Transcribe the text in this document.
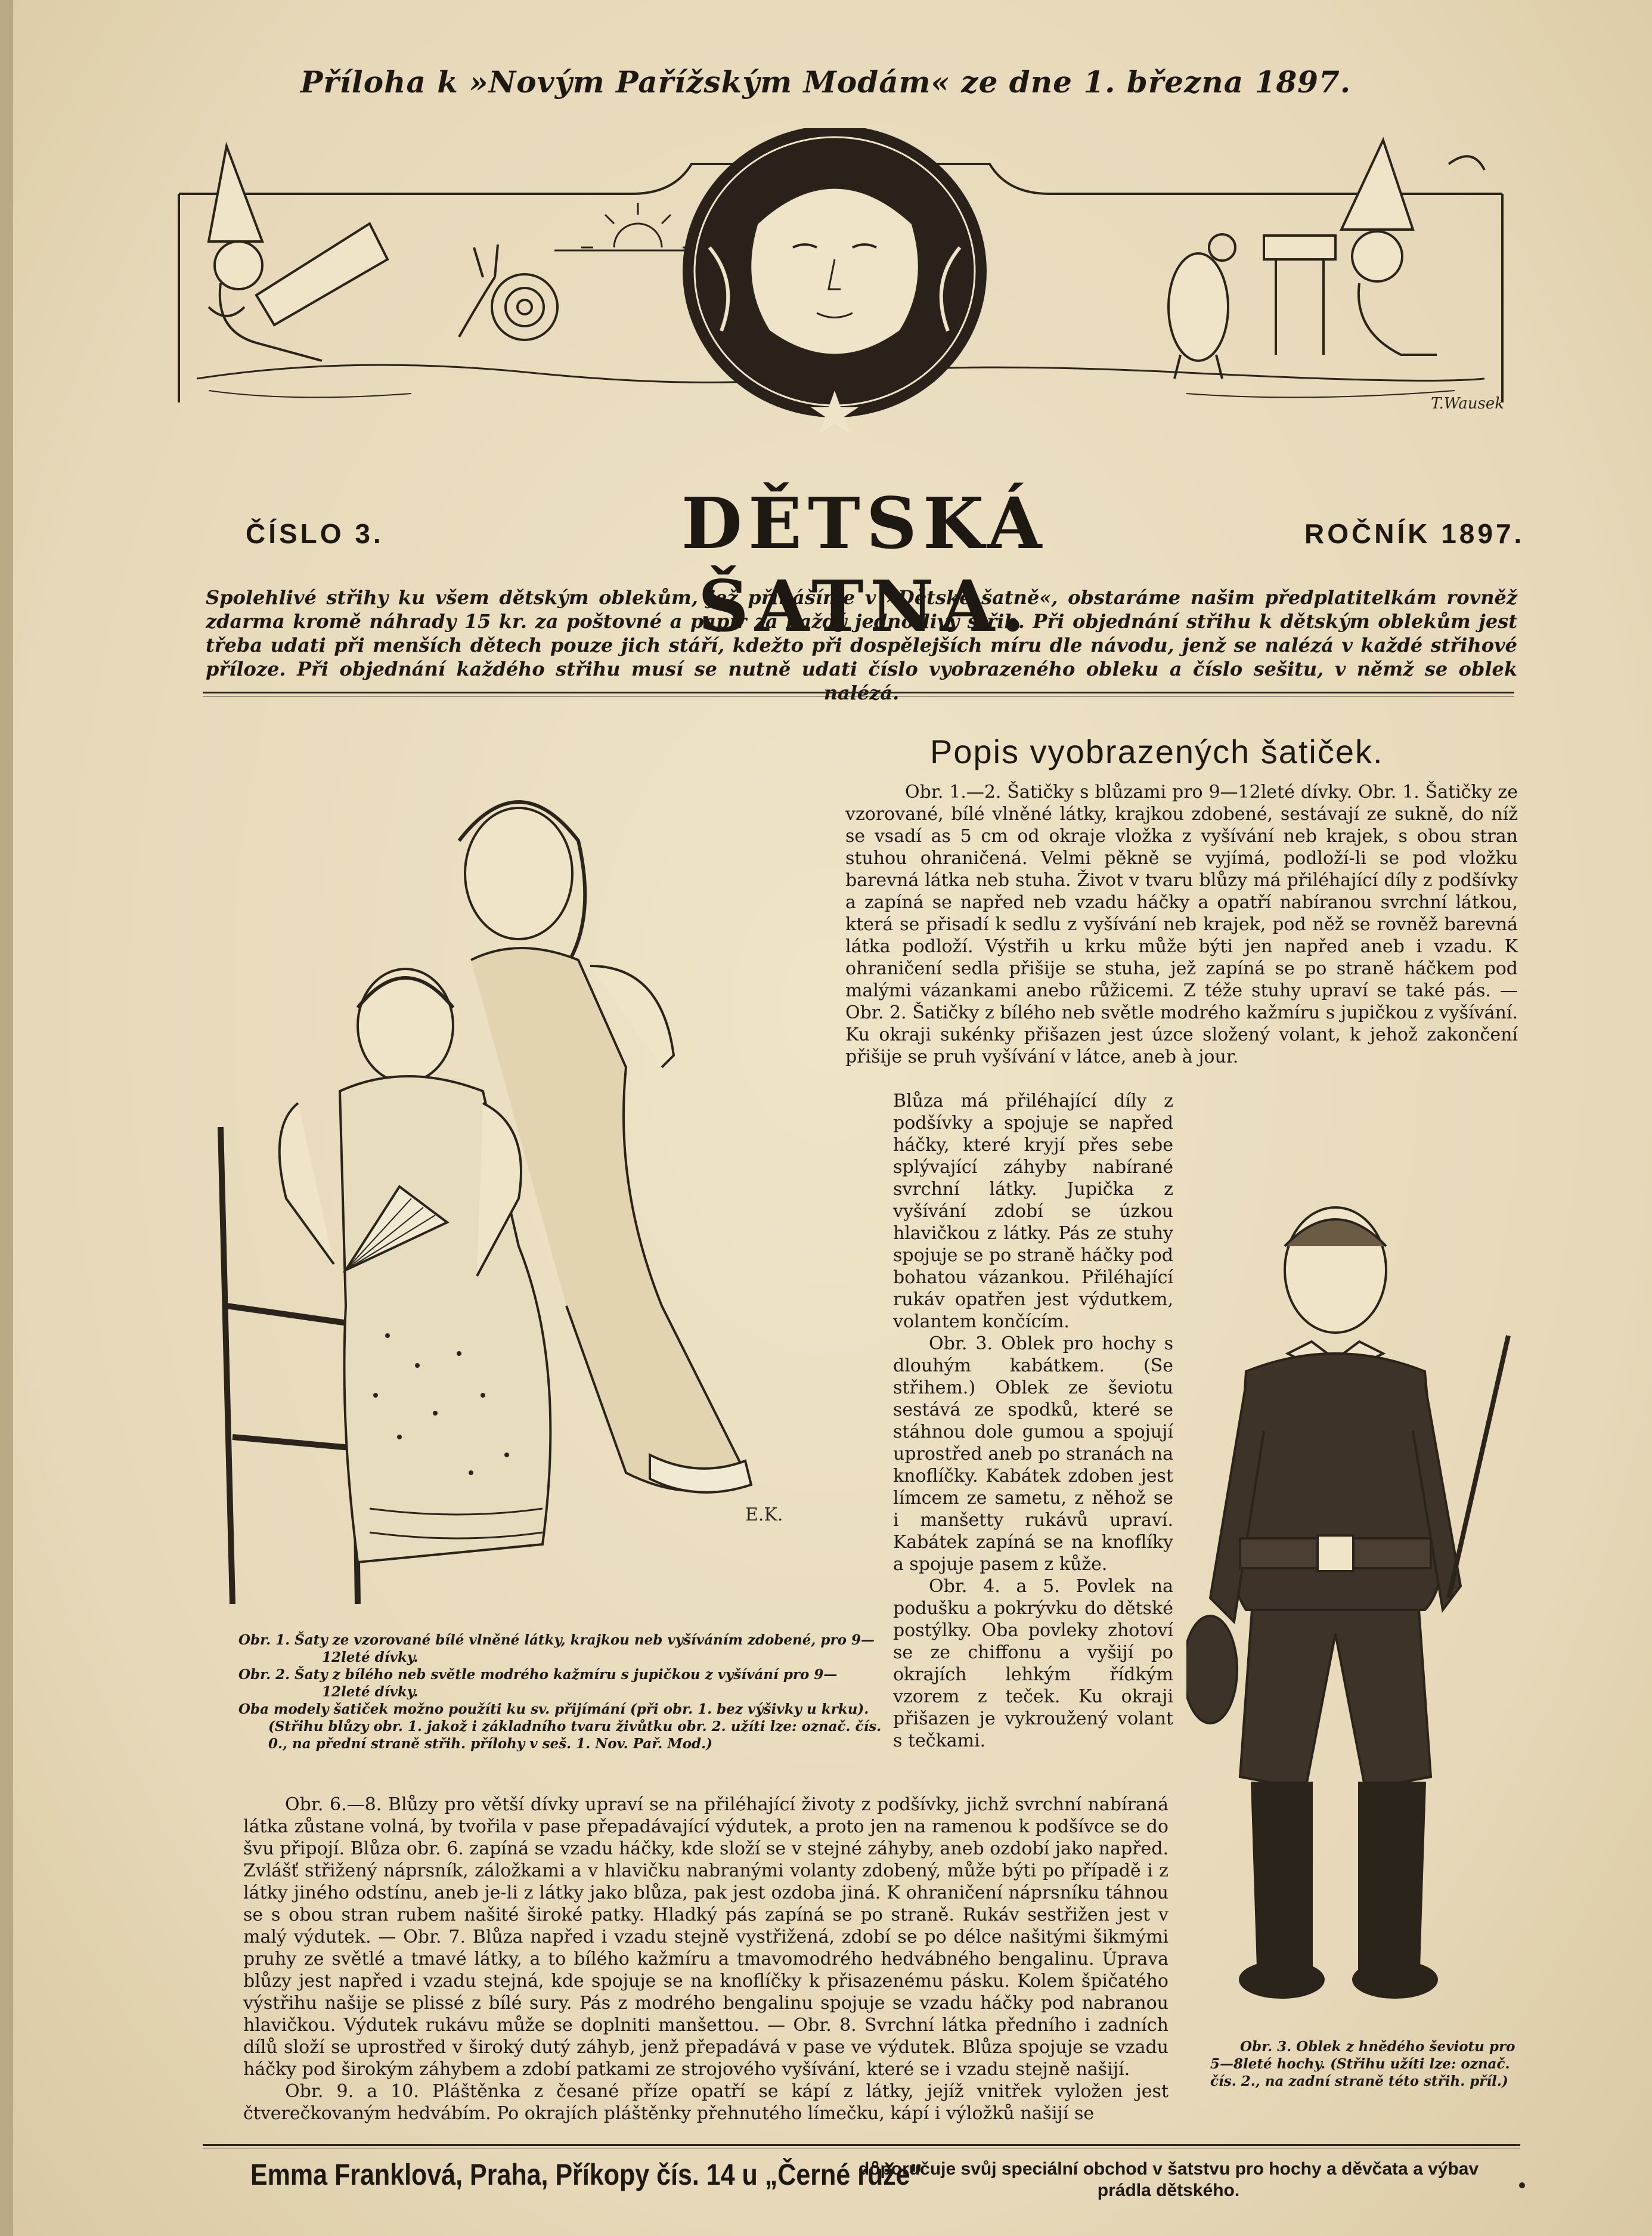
Příloha k »Novým Pařížským Modám« ze dne 1. března 1897.
T.Wausek
ČÍSLO 3.	DĚTSKÁ ŠATNA.
ROČNÍK 1897.
Spolehlivé střihy ku všem dětským oblekům, jež přinášíme v »Dětské šatně«, obstaráme našim předplatitelkám rovněž zdarma kromě náhrady 15 kr. za poštovné a papír za každý jednotlivý střih. Při objednání střihu k dětským oblekům jest třeba udati při menších dětech pouze jich stáří, kdežto při dospělejších míru dle návodu, jenž se nalézá v každé střihové příloze. Při objednání každého střihu musí se nutně udati číslo vyobrazeného obleku a číslo sešitu, v němž se oblek nalézá.
Popis vyobrazených šatiček.
Obr. 1.—2. Šatičky s blůzami pro 9—12leté dívky. Obr. 1. Šatičky ze vzorované, bílé vlněné látky, krajkou zdobené, sestávají ze sukně, do níž se vsadí as 5 cm od okraje vložka z vyšívání neb krajek, s obou stran stuhou ohraničená. Velmi pěkně se vyjímá, podloží-li se pod vložku barevná látka neb stuha. Život v tvaru blůzy má přiléhající díly z podšívky a zapíná se napřed neb vzadu háčky a opatří nabíranou svrchní látkou, která se přisadí k sedlu z vyšívání neb krajek, pod něž se rovněž barevná látka podloží. Výstřih u krku může býti jen napřed aneb i vzadu. K ohraničení sedla přišije se stuha, jež zapíná se po straně háčkem pod malými vázankami anebo růžicemi. Z téže stuhy upraví se také pás. — Obr. 2. Šatičky z bílého neb světle modrého kažmíru s jupičkou z vyšívání. Ku okraji sukénky přišazen jest úzce složený volant, k jehož zakončení přišije se pruh vyšívání v látce, aneb à jour.

Blůza má přiléhající díly z podšívky a spojuje se napřed háčky, které kryjí přes sebe splývající záhyby nabírané svrchní látky. Jupička z vyšívání zdobí se úzkou hlavičkou z látky. Pás ze stuhy spojuje se po straně háčky pod bohatou vázankou. Přiléhající rukáv opatřen jest výdutkem, volantem končícím.

Obr. 3. Oblek pro hochy s dlouhým kabátkem. (Se střihem.) Oblek ze ševiotu sestává ze spodků, které se stáhnou dole gumou a spojují uprostřed aneb po stranách na knoflíčky. Kabátek zdoben jest límcem ze sametu, z něhož se i manšetty rukávů upraví. Kabátek zapíná se na knoflíky a spojuje pasem z kůže.

Obr. 4. a 5. Povlek na podušku a pokrývku do dětské postýlky. Oba povleky zhotoví se ze chiffonu a vyšijí po okrajích lehkým řídkým vzorem z teček. Ku okraji přišazen je vykroužený volant s tečkami.

E.K.
Obr. 1. Šaty ze vzorované bílé vlněné látky, krajkou neb vyšíváním zdobené, pro 9—12leté dívky.
Obr. 2. Šaty z bílého neb světle modrého kažmíru s jupičkou z vyšívání pro 9—12leté dívky.
Oba modely šatiček možno použíti ku sv. přijímání (při obr. 1. bez výšivky u krku).
(Střihu blůzy obr. 1. jakož i základního tvaru živůtku obr. 2. užíti lze: označ. čís. 0., na přední straně střih. přílohy v seš. 1. Nov. Pař. Mod.)
Obr. 3. Oblek z hnědého ševiotu pro 5—8leté hochy. (Střihu užíti lze: označ. čís. 2., na zadní straně této střih. příl.)

Obr. 6.—8. Blůzy pro větší dívky upraví se na přiléhající životy z podšívky, jichž svrchní nabíraná látka zůstane volná, by tvořila v pase přepadávající výdutek, a proto jen na ramenou k podšívce se do švu připojí. Blůza obr. 6. zapíná se vzadu háčky, kde složí se v stejné záhyby, aneb ozdobí jako napřed. Zvlášť střižený náprsník, záložkami a v hlavičku nabranými volanty zdobený, může býti po případě i z látky jiného odstínu, aneb je-li z látky jako blůza, pak jest ozdoba jiná. K ohraničení náprsníku táhnou se s obou stran rubem našité široké patky. Hladký pás zapíná se po straně. Rukáv sestřižen jest v malý výdutek. — Obr. 7. Blůza napřed i vzadu stejně vystřižená, zdobí se po délce našitými šikmými pruhy ze světlé a tmavé látky, a to bílého kažmíru a tmavomodrého hedvábného bengalinu. Úprava blůzy jest napřed i vzadu stejná, kde spojuje se na knoflíčky k přisazenému pásku. Kolem špičatého výstřihu našije se plissé z bílé sury. Pás z modrého bengalinu spojuje se vzadu háčky pod nabranou hlavičkou. Výdutek rukávu může se doplniti manšettou. — Obr. 8. Svrchní látka předního i zadních dílů složí se uprostřed v široký dutý záhyb, jenž přepadává v pase ve výdutek. Blůza spojuje se vzadu háčky pod širokým záhybem a zdobí patkami ze strojového vyšívání, které se i vzadu stejně našijí.

Obr. 9. a 10. Pláštěnka z česané příze opatří se kápí z látky, jejíž vnitřek vyložen jest čtverečkovaným hedvábím. Po okrajích pláštěnky přehnutého límečku, kápí i výložků našijí se

Emma Franklová, Praha, Příkopy čís. 14 u „Černé růže"
doporučuje svůj speciální obchod v šatstvu pro hochy a děvčata a výbav prádla dětského.
